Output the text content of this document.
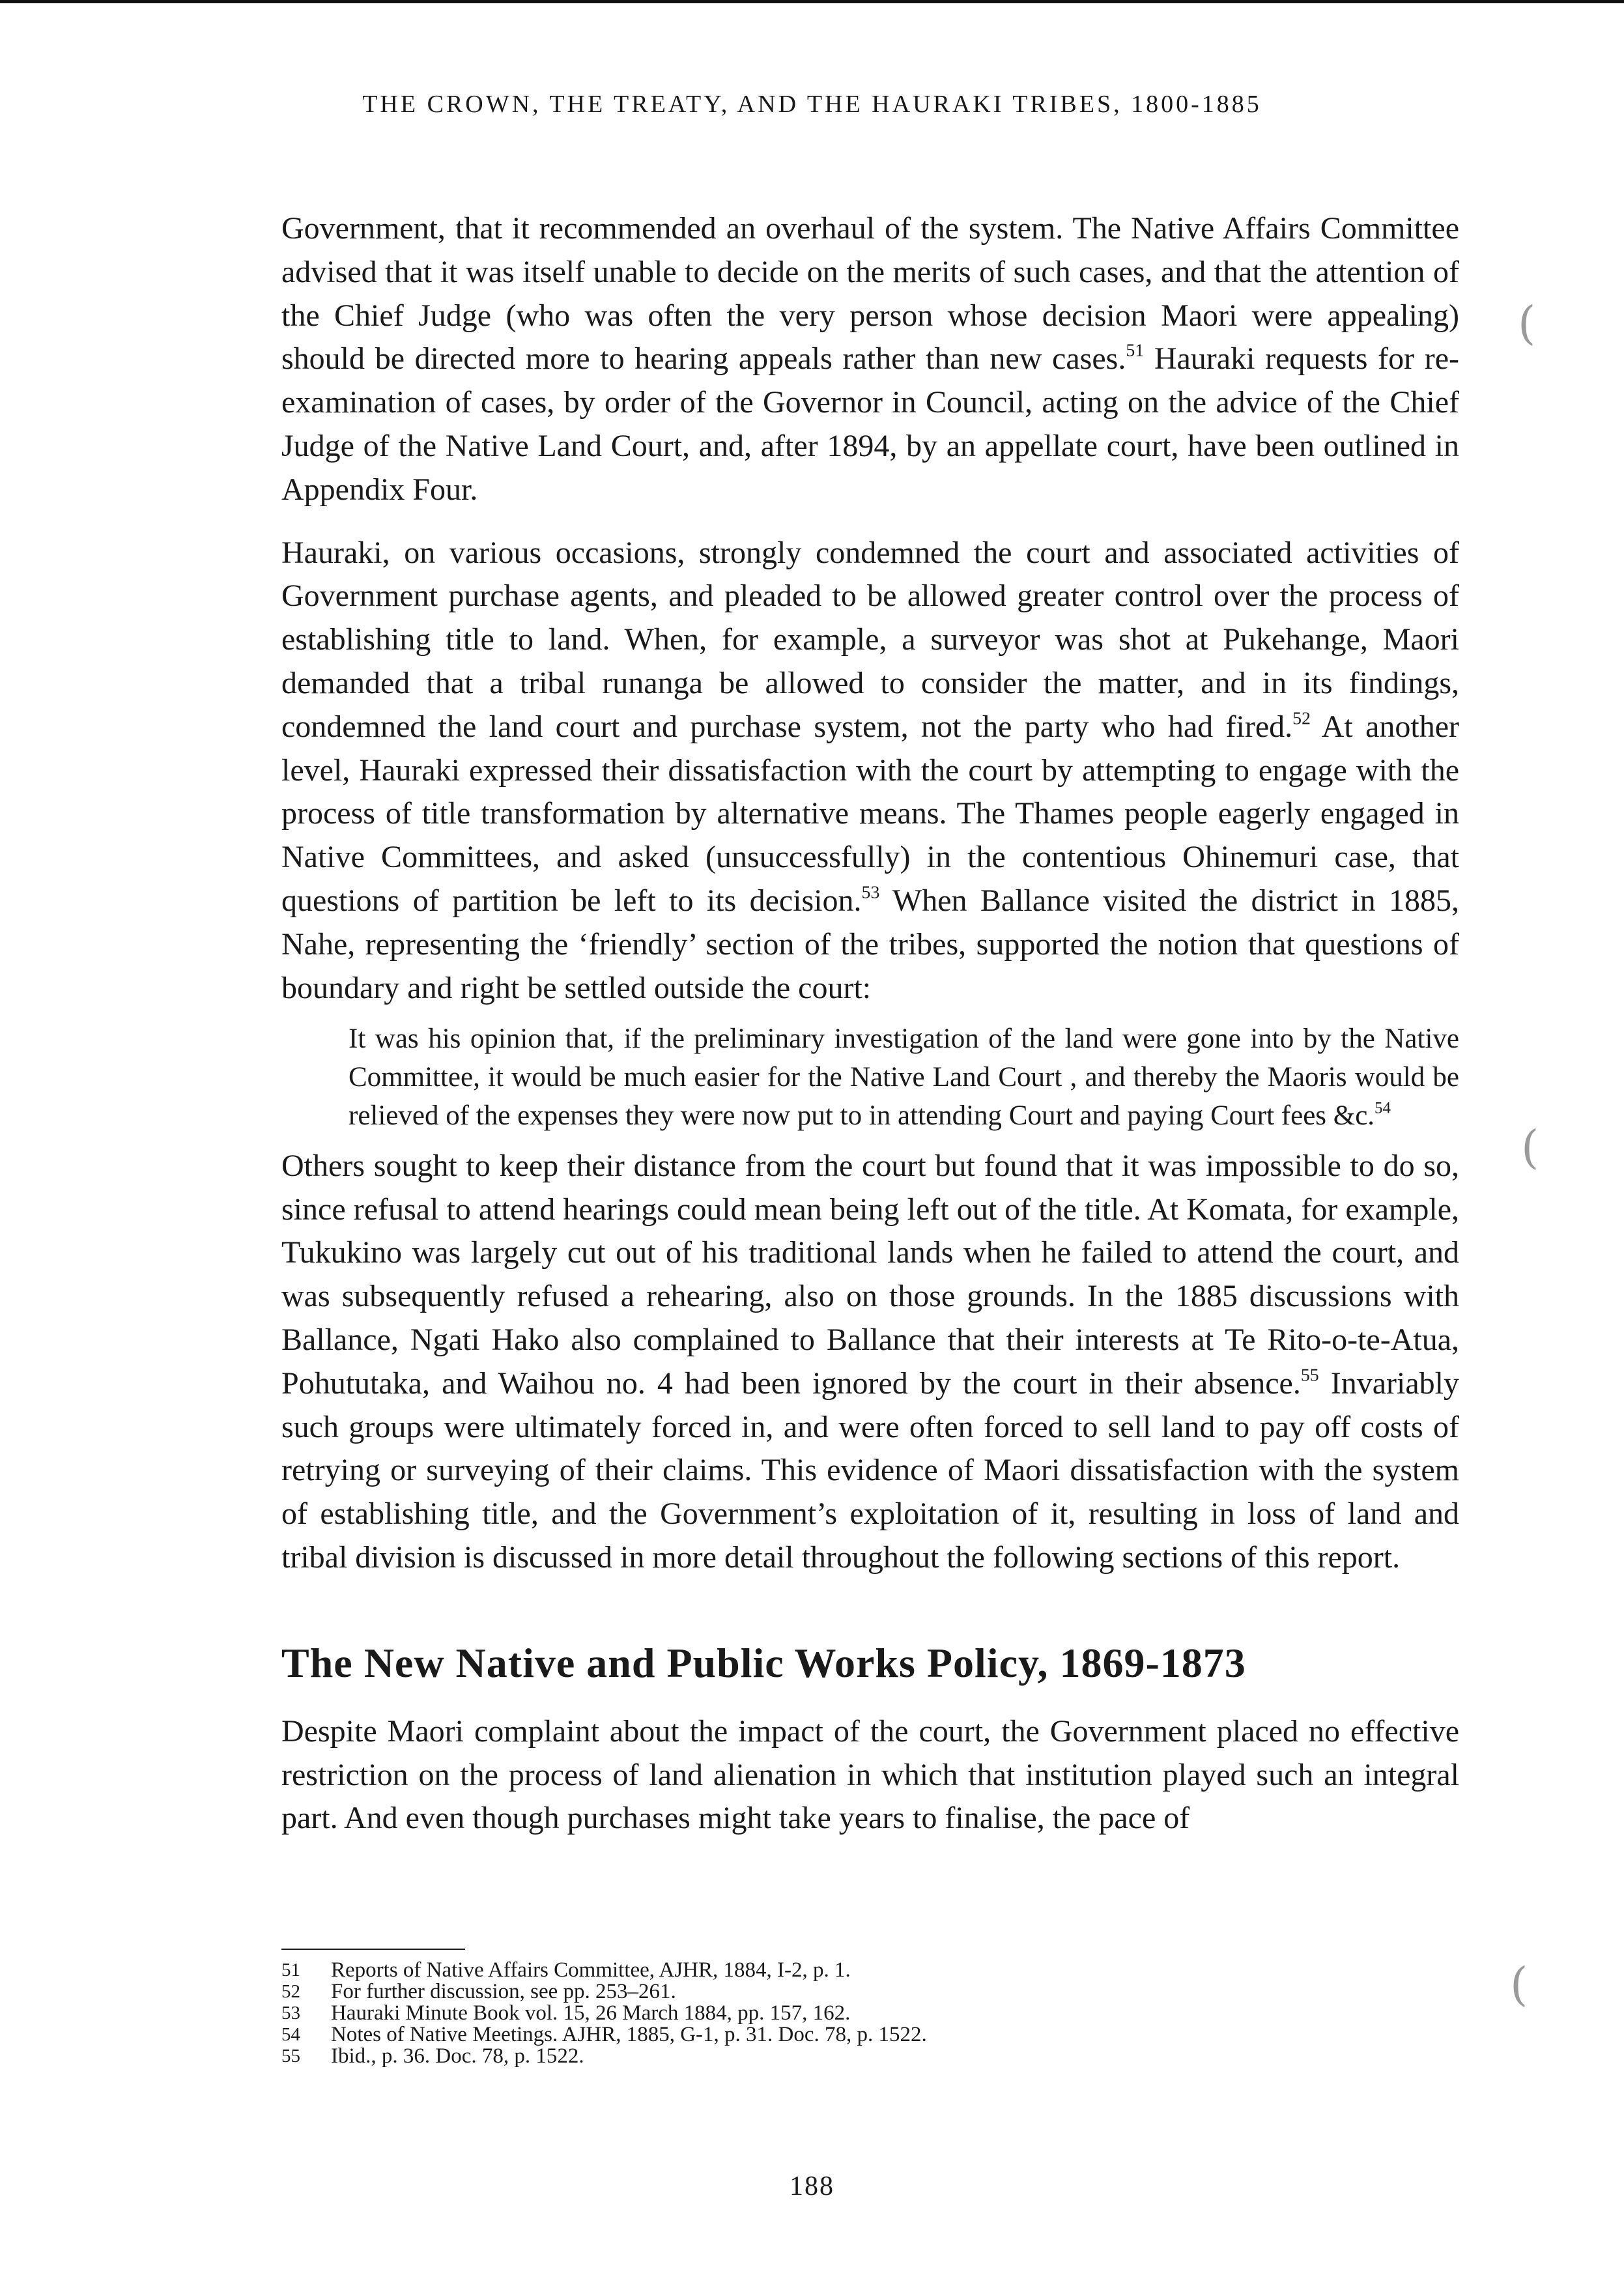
THE CROWN, THE TREATY, AND THE HAURAKI TRIBES, 1800-1885

Government, that it recommended an overhaul of the system. The Native Affairs Committee advised that it was itself unable to decide on the merits of such cases, and that the attention of the Chief Judge (who was often the very person whose decision Maori were appealing) should be directed more to hearing appeals rather than new cases.$^{51}$ Hauraki requests for re-examination of cases, by order of the Governor in Council, acting on the advice of the Chief Judge of the Native Land Court, and, after 1894, by an appellate court, have been outlined in Appendix Four.

Hauraki, on various occasions, strongly condemned the court and associated activities of Government purchase agents, and pleaded to be allowed greater control over the process of establishing title to land. When, for example, a surveyor was shot at Pukehange, Maori demanded that a tribal runanga be allowed to consider the matter, and in its findings, condemned the land court and purchase system, not the party who had fired.$^{52}$ At another level, Hauraki expressed their dissatisfaction with the court by attempting to engage with the process of title transformation by alternative means. The Thames people eagerly engaged in Native Committees, and asked (unsuccessfully) in the contentious Ohinemuri case, that questions of partition be left to its decision.$^{53}$ When Ballance visited the district in 1885, Nahe, representing the ‘friendly’ section of the tribes, supported the notion that questions of boundary and right be settled outside the court:

It was his opinion that, if the preliminary investigation of the land were gone into by the Native Committee, it would be much easier for the Native Land Court , and thereby the Maoris would be relieved of the expenses they were now put to in attending Court and paying Court fees &c.$^{54}$

Others sought to keep their distance from the court but found that it was impossible to do so, since refusal to attend hearings could mean being left out of the title. At Komata, for example, Tukukino was largely cut out of his traditional lands when he failed to attend the court, and was subsequently refused a rehearing, also on those grounds. In the 1885 discussions with Ballance, Ngati Hako also complained to Ballance that their interests at Te Rito-o-te-Atua, Pohututaka, and Waihou no. 4 had been ignored by the court in their absence.$^{55}$ Invariably such groups were ultimately forced in, and were often forced to sell land to pay off costs of retrying or surveying of their claims. This evidence of Maori dissatisfaction with the system of establishing title, and the Government’s exploitation of it, resulting in loss of land and tribal division is discussed in more detail throughout the following sections of this report.

The New Native and Public Works Policy, 1869-1873

Despite Maori complaint about the impact of the court, the Government placed no effective restriction on the process of land alienation in which that institution played such an integral part. And even though purchases might take years to finalise, the pace of

51	Reports of Native Affairs Committee, AJHR, 1884, I-2, p. 1.
52	For further discussion, see pp. 253–261.
53	Hauraki Minute Book vol. 15, 26 March 1884, pp. 157, 162.
54	Notes of Native Meetings. AJHR, 1885, G-1, p. 31. Doc. 78, p. 1522.
55	Ibid., p. 36. Doc. 78, p. 1522.
188
(
(
(
